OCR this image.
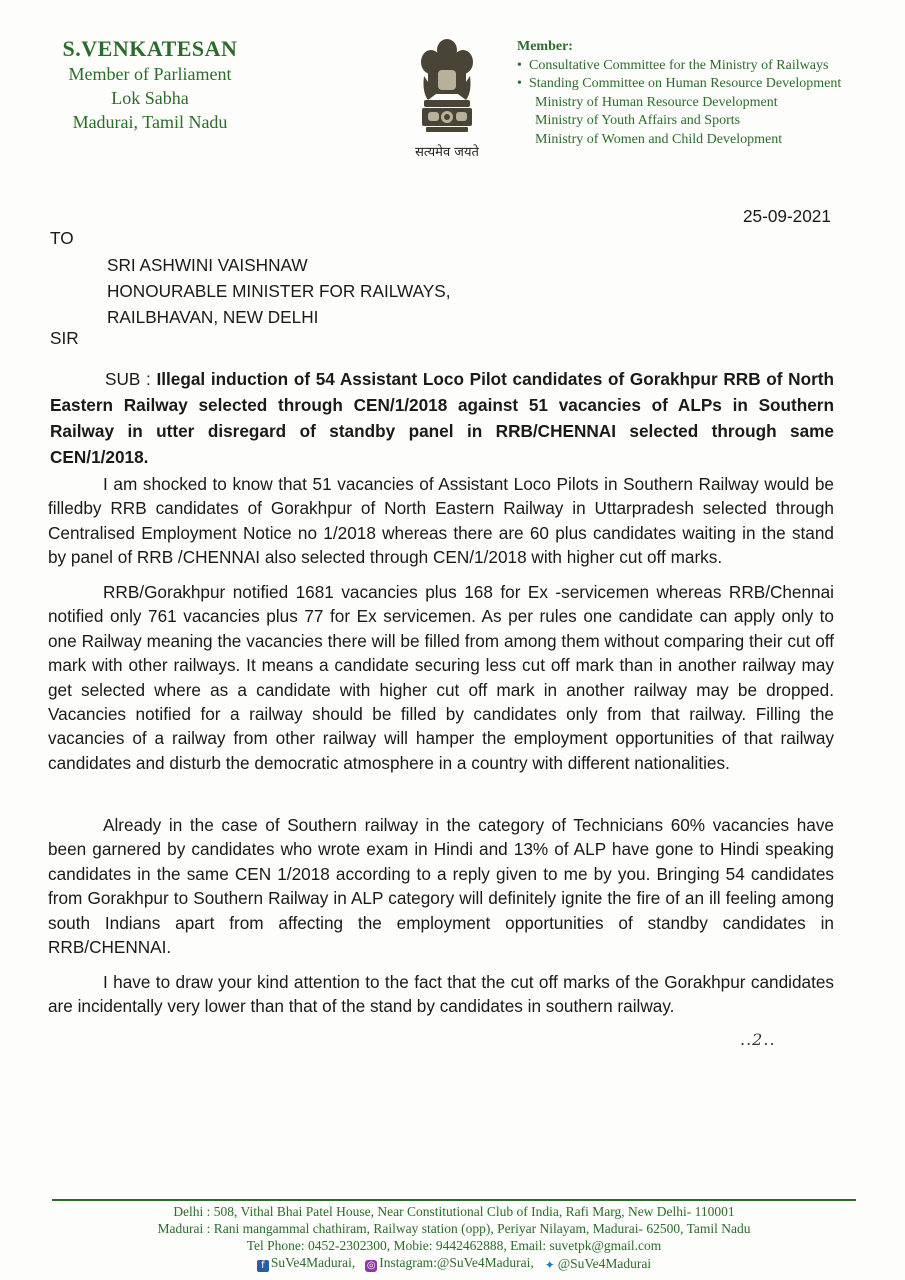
S.VENKATESAN
Member of Parliament
Lok Sabha
Madurai, Tamil Nadu
सत्यमेव जयते
Member:
• Consultative Committee for the Ministry of Railways
• Standing Committee on Human Resource Development
Ministry of Human Resource Development
Ministry of Youth Affairs and Sports
Ministry of Women and Child Development
25-09-2021
TO
SRI ASHWINI VAISHNAW
HONOURABLE MINISTER FOR RAILWAYS,
RAILBHAVAN, NEW DELHI
SIR
SUB : Illegal induction of 54 Assistant Loco Pilot candidates of Gorakhpur RRB of North Eastern Railway selected through CEN/1/2018 against 51 vacancies of ALPs in Southern Railway in utter disregard of standby panel in RRB/CHENNAI selected through same CEN/1/2018.
I am shocked to know that 51 vacancies of Assistant Loco Pilots in Southern Railway would be filledby RRB candidates of Gorakhpur of North Eastern Railway in Uttarpradesh selected through Centralised Employment Notice no 1/2018 whereas there are 60 plus candidates waiting in the stand by panel of RRB /CHENNAI also selected through CEN/1/2018 with higher cut off marks.
RRB/Gorakhpur notified 1681 vacancies plus 168 for Ex -servicemen whereas RRB/Chennai notified only 761 vacancies plus 77 for Ex servicemen. As per rules one candidate can apply only to one Railway meaning the vacancies there will be filled from among them without comparing their cut off mark with other railways. It means a candidate securing less cut off mark than in another railway may get selected where as a candidate with higher cut off mark in another railway may be dropped. Vacancies notified for a railway should be filled by candidates only from that railway. Filling the vacancies of a railway from other railway will hamper the employment opportunities of that railway candidates and disturb the democratic atmosphere in a country with different nationalities.
Already in the case of Southern railway in the category of Technicians 60% vacancies have been garnered by candidates who wrote exam in Hindi and 13% of ALP have gone to Hindi speaking candidates in the same CEN 1/2018 according to a reply given to me by you. Bringing 54 candidates from Gorakhpur to Southern Railway in ALP category will definitely ignite the fire of an ill feeling among south Indians apart from affecting the employment opportunities of standby candidates in RRB/CHENNAI.
I have to draw your kind attention to the fact that the cut off marks of the Gorakhpur candidates are incidentally very lower than that of the stand by candidates in southern railway.
..2..
Delhi : 508, Vithal Bhai Patel House, Near Constitutional Club of India, Rafi Marg, New Delhi- 110001
Madurai : Rani mangammal chathiram, Railway station (opp), Periyar Nilayam, Madurai- 62500, Tamil Nadu
Tel Phone: 0452-2302300, Mobie: 9442462888, Email: suvetpk@gmail.com
f SuVe4Madurai, ◎ Instagram:@SuVe4Madurai, ✦ @SuVe4Madurai
